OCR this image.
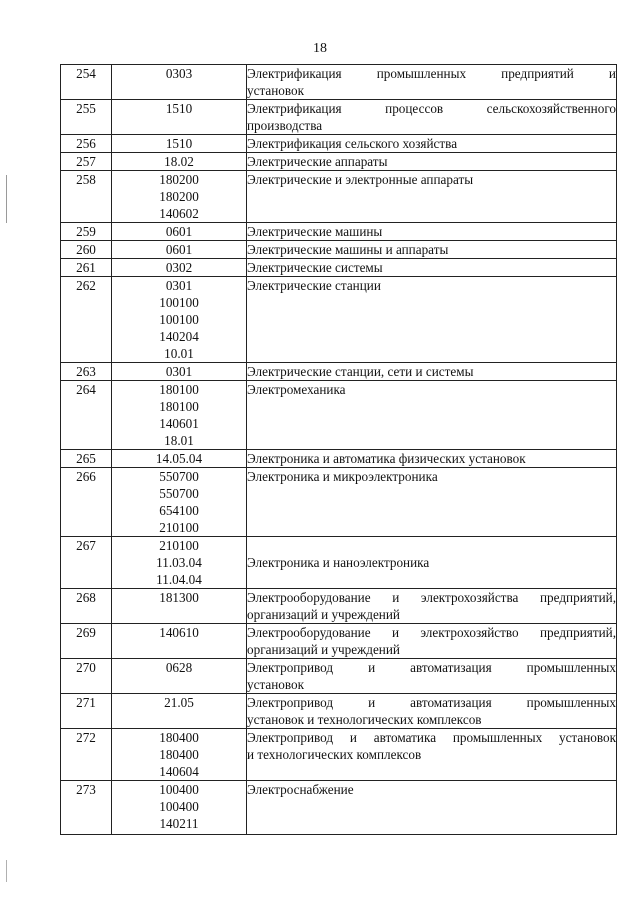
18
254	0303	Электрификация промышленных предприятий и
установок

255	1510	Электрификация процессов сельскохозяйственного
производства

256	1510	Электрификация сельского хозяйства

257	18.02	Электрические аппараты

258	180200
180200
140602	Электрические и электронные аппараты

259	0601	Электрические машины

260	0601	Электрические машины и аппараты

261	0302	Электрические системы

262	0301
100100
100100
140204
10.01	Электрические станции

263	0301	Электрические станции, сети и системы

264	180100
180100
140601
18.01	Электромеханика

265	14.05.04	Электроника и автоматика физических установок

266	550700
550700
654100
210100	Электроника и микроэлектроника

267	210100
11.03.04
11.04.04	Электроника и наноэлектроника

268	181300	Электрооборудование и электрохозяйства предприятий,
организаций и учреждений

269	140610	Электрооборудование и электрохозяйство предприятий,
организаций и учреждений

270	0628	Электропривод и автоматизация промышленных
установок

271	21.05	Электропривод и автоматизация промышленных
установок и технологических комплексов

272	180400
180400
140604	Электропривод и автоматика промышленных установок
и технологических комплексов

273	100400
100400
140211	Электроснабжение
